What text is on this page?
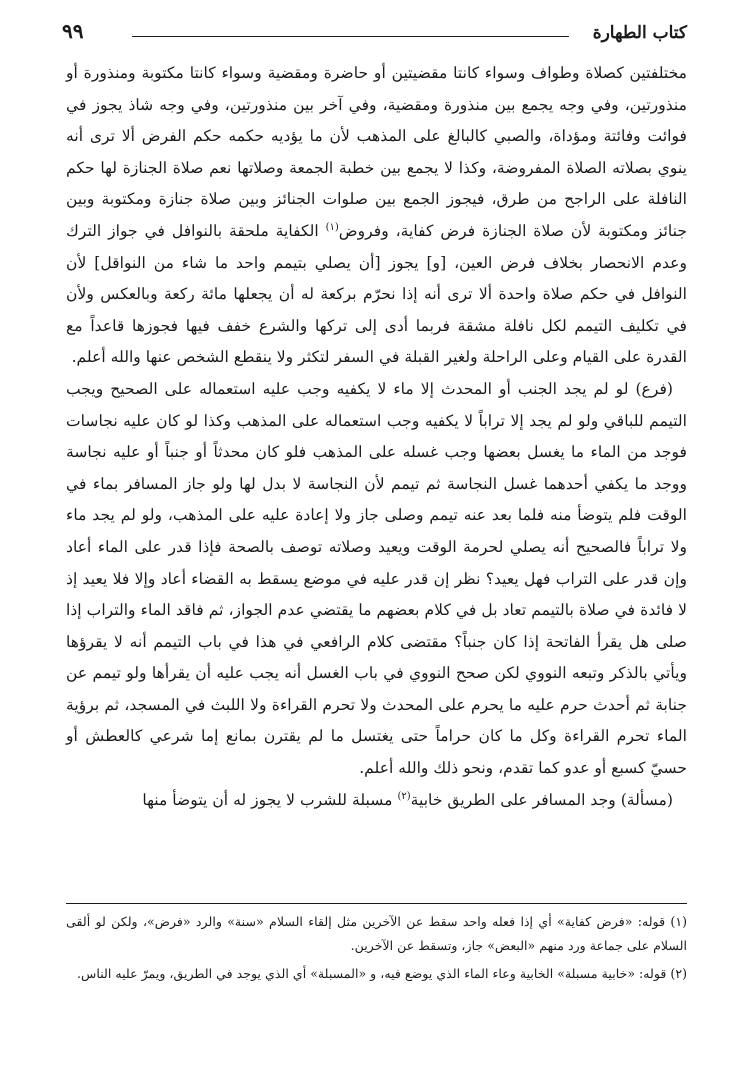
كتاب الطهارة
٩٩

مختلفتين كصلاة وطواف وسواء كانتا مقضيتين أو حاضرة ومقضية وسواء كانتا مكتوبة ومنذورة أو منذورتين، وفي وجه يجمع بين منذورة ومقضية، وفي آخر بين منذورتين، وفي وجه شاذ يجوز في فوائت وفائتة ومؤداة، والصبي كالبالغ على المذهب لأن ما يؤديه حكمه حكم الفرض ألا ترى أنه ينوي بصلاته الصلاة المفروضة، وكذا لا يجمع بين خطبة الجمعة وصلاتها نعم صلاة الجنازة لها حكم النافلة على الراجح من طرق، فيجوز الجمع بين صلوات الجنائز وبين صلاة جنازة ومكتوبة وبين جنائز ومكتوبة لأن صلاة الجنازة فرض كفاية، وفروض$^{(١)}$ الكفاية ملحقة بالنوافل في جواز الترك وعدم الانحصار بخلاف فرض العين، [و] يجوز [أن يصلي بتيمم واحد ما شاء من النواقل] لأن النوافل في حكم صلاة واحدة ألا ترى أنه إذا نحرّم بركعة له أن يجعلها مائة ركعة وبالعكس ولأن في تكليف التيمم لكل نافلة مشقة فربما أدى إلى تركها والشرع خفف فيها فجوزها قاعداً مع القدرة على القيام وعلى الراحلة ولغير القبلة في السفر لتكثر ولا ينقطع الشخص عنها والله أعلم.

(فرع) لو لم يجد الجنب أو المحدث إلا ماء لا يكفيه وجب عليه استعماله على الصحيح ويجب التيمم للباقي ولو لم يجد إلا تراباً لا يكفيه وجب استعماله على المذهب وكذا لو كان عليه نجاسات فوجد من الماء ما يغسل بعضها وجب غسله على المذهب فلو كان محدثاً أو جنباً أو عليه نجاسة ووجد ما يكفي أحدهما غسل النجاسة ثم تيمم لأن النجاسة لا بدل لها ولو جاز المسافر بماء في الوقت فلم يتوضأ منه فلما بعد عنه تيمم وصلى جاز ولا إعادة عليه على المذهب، ولو لم يجد ماء ولا تراباً فالصحيح أنه يصلي لحرمة الوقت ويعيد وصلاته توصف بالصحة فإذا قدر على الماء أعاد وإن قدر على التراب فهل يعيد؟ نظر إن قدر عليه في موضع يسقط به القضاء أعاد وإلا فلا يعيد إذ لا فائدة في صلاة بالتيمم تعاد بل في كلام بعضهم ما يقتضي عدم الجواز، ثم فاقد الماء والتراب إذا صلى هل يقرأ الفاتحة إذا كان جنباً؟ مقتضى كلام الرافعي في هذا في باب التيمم أنه لا يقرؤها ويأتي بالذكر وتبعه النووي لكن صحح النووي في باب الغسل أنه يجب عليه أن يقرأها ولو تيمم عن جنابة ثم أحدث حرم عليه ما يحرم على المحدث ولا تحرم القراءة ولا اللبث في المسجد، ثم برؤية الماء تحرم القراءة وكل ما كان حراماً حتى يغتسل ما لم يقترن بمانع إما شرعي كالعطش أو حسيّ كسبع أو عدو كما تقدم، ونحو ذلك والله أعلم.

(مسألة) وجد المسافر على الطريق خابية$^{(٢)}$ مسبلة للشرب لا يجوز له أن يتوضأ منها

(١) قوله: «فرض كفاية» أي إذا فعله واحد سقط عن الآخرين مثل إلقاء السلام «سنة» والرد «فرض»، ولكن لو ألقى السلام على جماعة ورد منهم «البعض» جاز، وتسقط عن الآخرين.

(٢) قوله: «خابية مسبلة» الخابية وعاء الماء الذي يوضع فيه، و «المسبلة» أي الذي يوجد في الطريق، ويمرّ عليه الناس.
